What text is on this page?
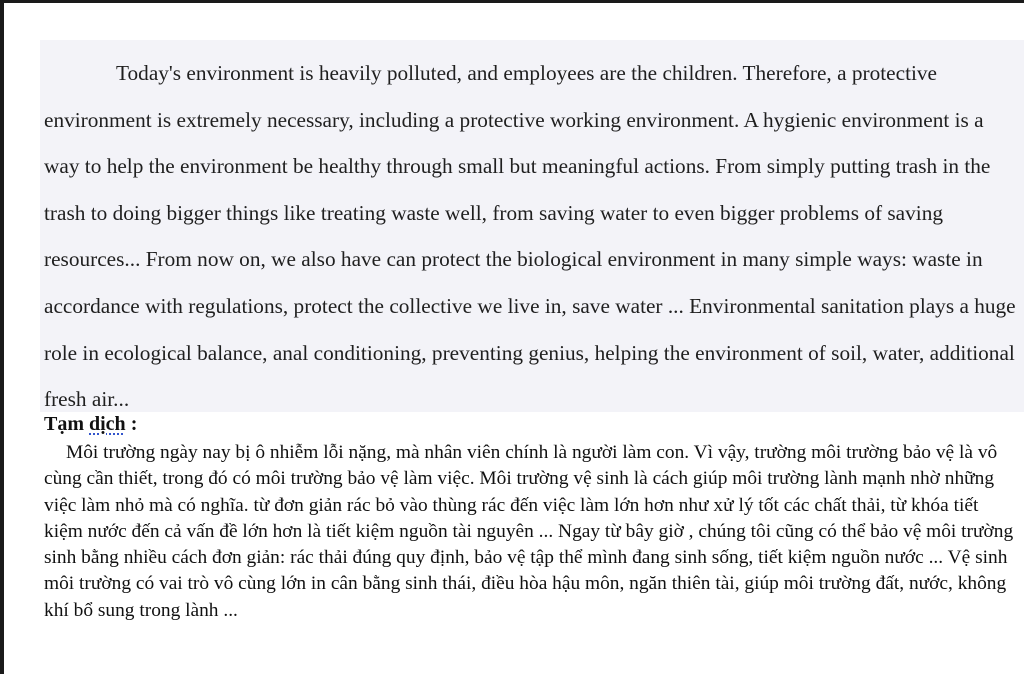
Today's environment is heavily polluted, and employees are the children. Therefore, a protective environment is extremely necessary, including a protective working environment. A hygienic environment is a way to help the environment be healthy through small but meaningful actions. From simply putting trash in the trash to doing bigger things like treating waste well, from saving water to even bigger problems of saving resources... From now on, we also have can protect the biological environment in many simple ways: waste in accordance with regulations, protect the collective we live in, save water ... Environmental sanitation plays a huge role in ecological balance, anal conditioning, preventing genius, helping the environment of soil, water, additional fresh air...

Tạm dịch :

Môi trường ngày nay bị ô nhiễm lỗi nặng, mà nhân viên chính là người làm con. Vì vậy, trường môi trường bảo vệ là vô cùng cần thiết, trong đó có môi trường bảo vệ làm việc. Môi trường vệ sinh là cách giúp môi trường lành mạnh nhờ những việc làm nhỏ mà có nghĩa. từ đơn giản rác bỏ vào thùng rác đến việc làm lớn hơn như xử lý tốt các chất thải, từ khóa tiết kiệm nước đến cả vấn đề lớn hơn là tiết kiệm nguồn tài nguyên ... Ngay từ bây giờ , chúng tôi cũng có thể bảo vệ môi trường sinh bằng nhiều cách đơn giản: rác thải đúng quy định, bảo vệ tập thể mình đang sinh sống, tiết kiệm nguồn nước ... Vệ sinh môi trường có vai trò vô cùng lớn in cân bằng sinh thái, điều hòa hậu môn, ngăn thiên tài, giúp môi trường đất, nước, không khí bổ sung trong lành ...
